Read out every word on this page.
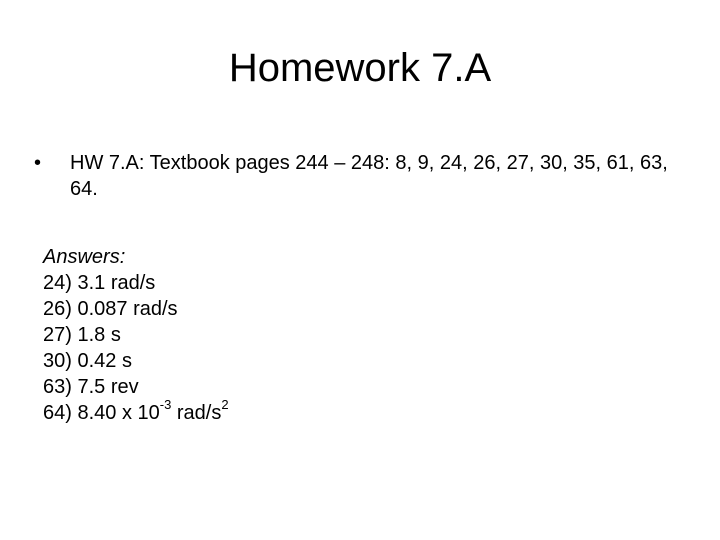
Homework 7.A
•	HW 7.A: Textbook pages 244 – 248: 8, 9, 24, 26, 27, 30, 35, 61, 63, 64.
Answers:
24) 3.1 rad/s
26) 0.087 rad/s
27) 1.8 s
30) 0.42 s
63) 7.5 rev
64) 8.40 x $10^{-3}$ rad/$s^2$
